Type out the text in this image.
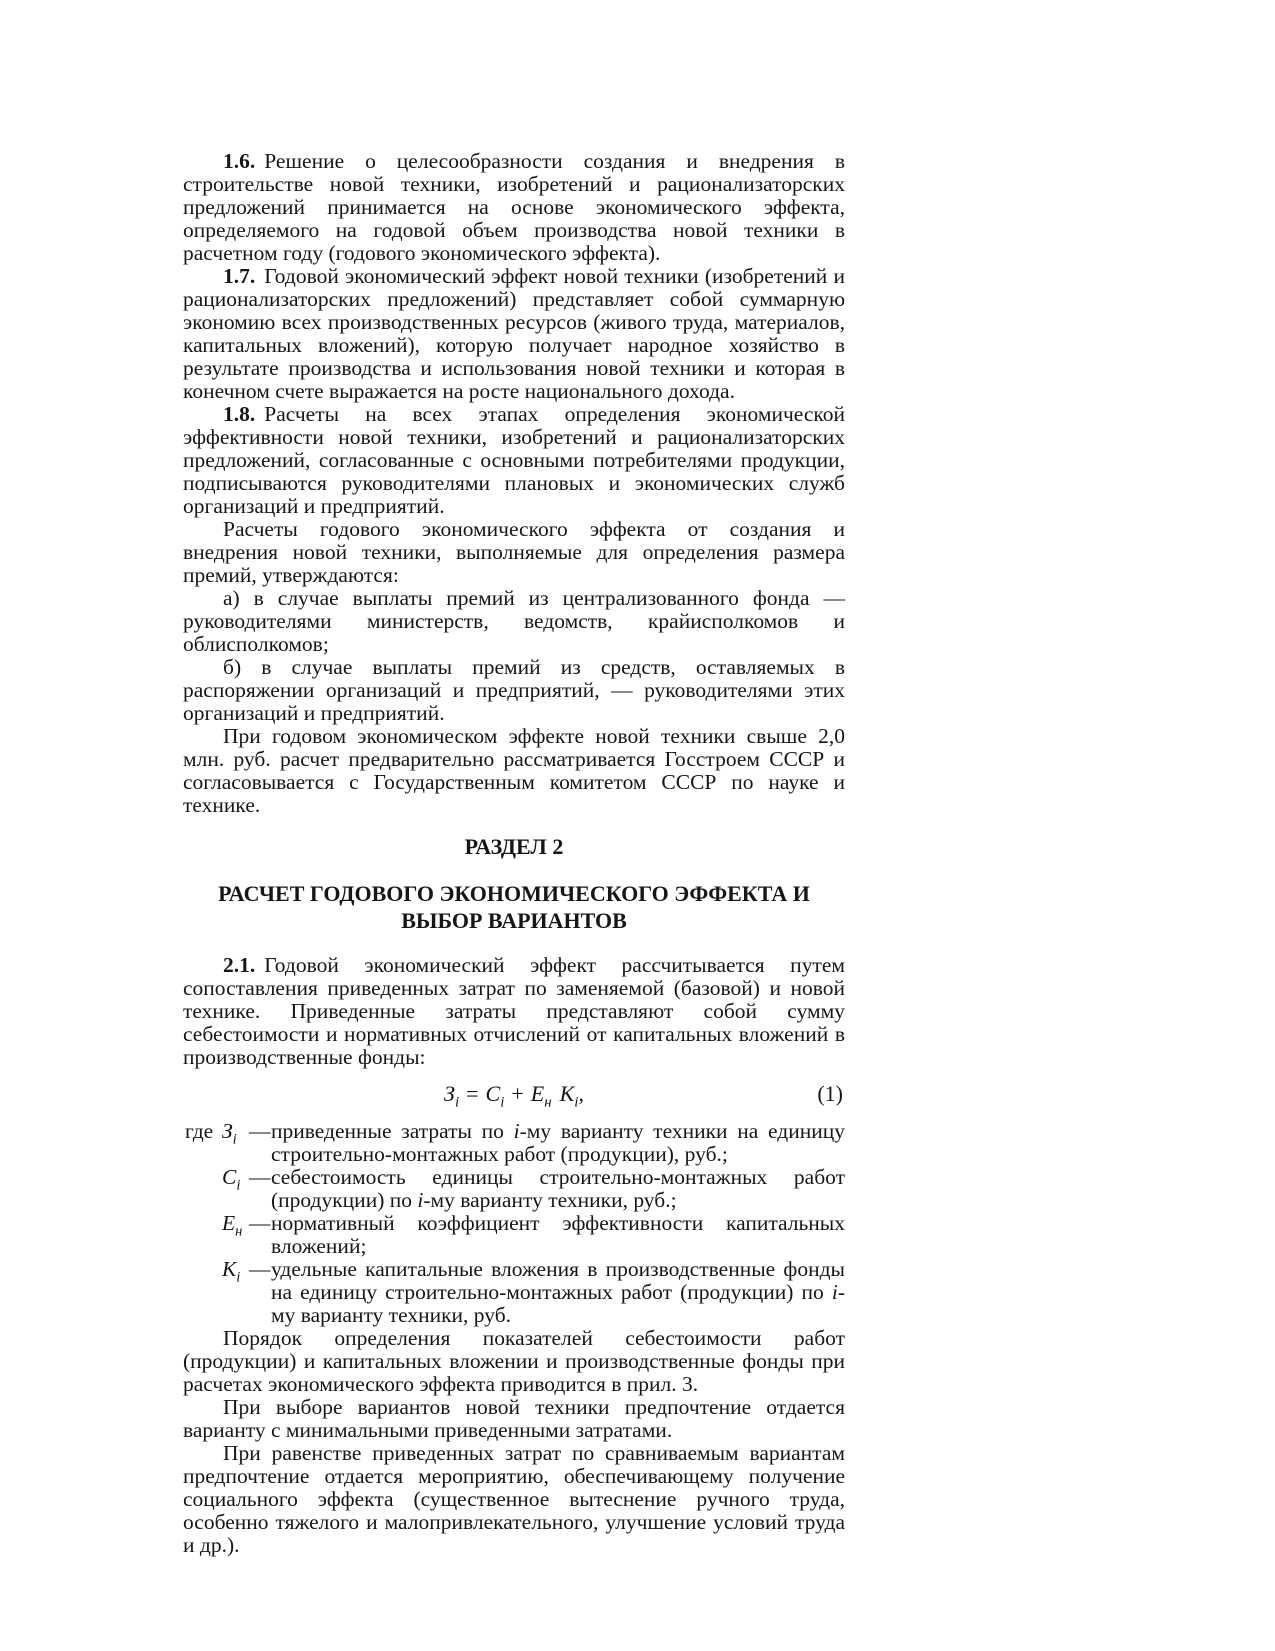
1.6. Решение о целесообразности создания и внедрения в строительстве новой техники, изобретений и рационализаторских предложений принимается на основе экономического эффекта, определяемого на годовой объем производства новой техники в расчетном году (годового экономического эффекта).

1.7. Годовой экономический эффект новой техники (изобретений и рационализаторских предложений) представляет собой суммарную экономию всех производственных ресурсов (живого труда, материалов, капитальных вложений), которую получает народное хозяйство в результате производства и использования новой техники и которая в конечном счете выражается на росте национального дохода.

1.8. Расчеты на всех этапах определения экономической эффективности новой техники, изобретений и рационализаторских предложений, согласованные с основными потребителями продукции, подписываются руководителями плановых и экономических служб организаций и предприятий.

Расчеты годового экономического эффекта от создания и внедрения новой техники, выполняемые для определения размера премий, утверждаются:

а) в случае выплаты премий из централизованного фонда — руководителями министерств, ведомств, крайисполкомов и облисполкомов;

б) в случае выплаты премий из средств, оставляемых в распоряжении организаций и предприятий, — руководителями этих организаций и предприятий.

При годовом экономическом эффекте новой техники свыше 2,0 млн. руб. расчет предварительно рассматривается Госстроем СССР и согласовывается с Государственным комитетом СССР по науке и технике.

РАЗДЕЛ 2
РАСЧЕТ ГОДОВОГО ЭКОНОМИЧЕСКОГО ЭФФЕКТА И ВЫБОР ВАРИАНТОВ

2.1. Годовой экономический эффект рассчитывается путем сопоставления приведенных затрат по заменяемой (базовой) и новой технике. Приведенные затраты представляют собой сумму себестоимости и нормативных отчислений от капитальных вложений в производственные фонды:

$З_i = С_i + Е_н$ $К_i$,	(1)
где $З_i$ — приведенные затраты по i-му варианту техники на единицу строительно-монтажных работ (продукции), руб.;
$С_i$ — себестоимость единицы строительно-монтажных работ (продукции) по i-му варианту техники, руб.;
$Е_н$ — нормативный коэффициент эффективности капитальных вложений;
$К_i$ — удельные капитальные вложения в производственные фонды на единицу строительно-монтажных работ (продукции) по i-му варианту техники, руб.

Порядок определения показателей себестоимости работ (продукции) и капитальных вложении и производственные фонды при расчетах экономического эффекта приводится в прил. 3.

При выборе вариантов новой техники предпочтение отдается варианту с минимальными приведенными затратами.

При равенстве приведенных затрат по сравниваемым вариантам предпочтение отдается мероприятию, обеспечивающему получение социального эффекта (существенное вытеснение ручного труда, особенно тяжелого и малопривлекательного, улучшение условий труда и др.).
